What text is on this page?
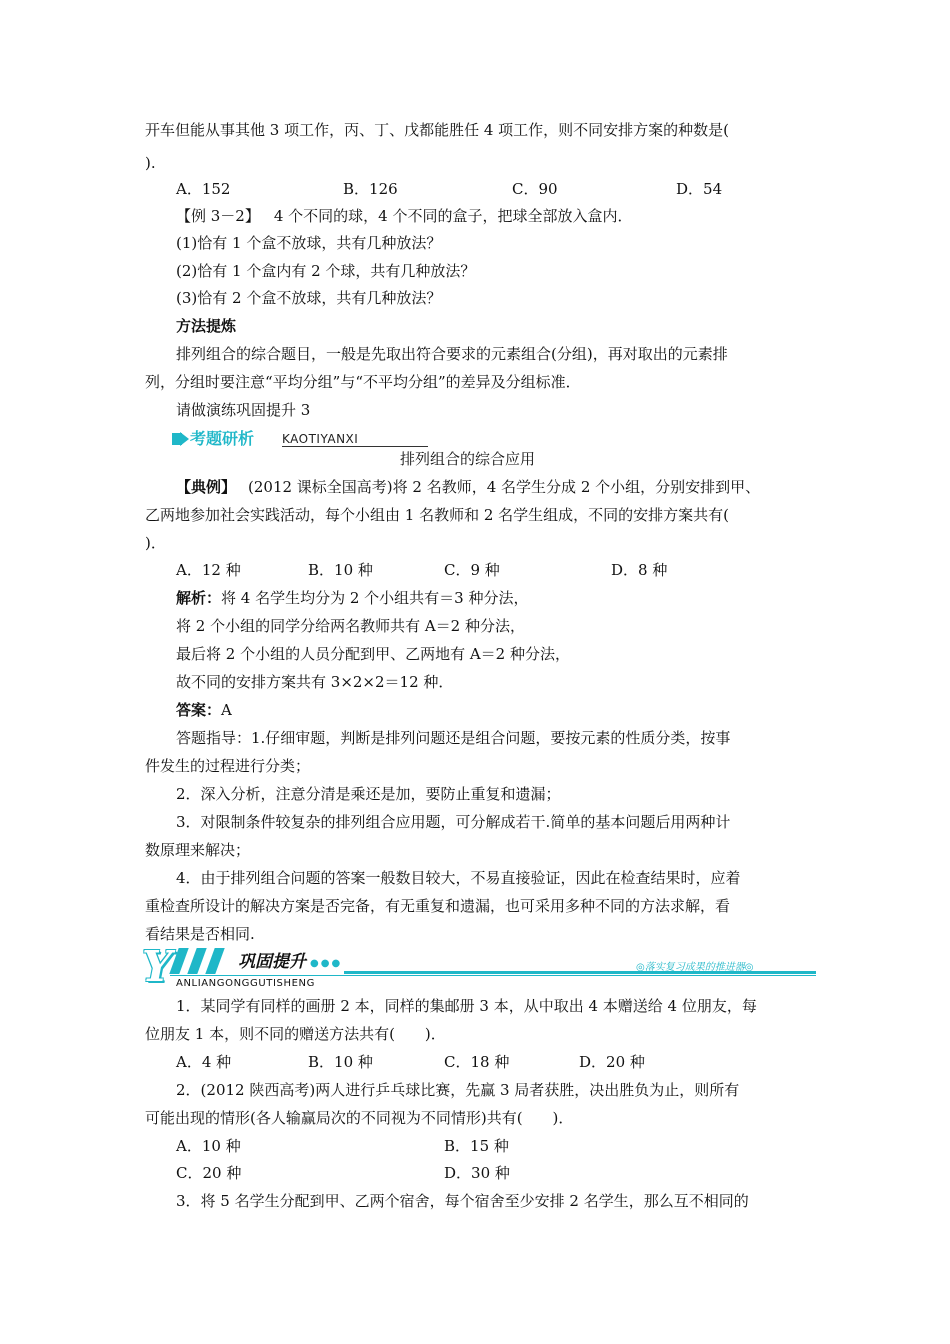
开车但能从事其他 3 项工作，丙、丁、戊都能胜任 4 项工作，则不同安排方案的种数是(
).
A．152	B．126	C．90	D．54
【例 3－2】 4 个不同的球，4 个不同的盒子，把球全部放入盒内．
(1)恰有 1 个盒不放球，共有几种放法？
(2)恰有 1 个盒内有 2 个球，共有几种放法？
(3)恰有 2 个盒不放球，共有几种放法？
方法提炼
排列组合的综合题目，一般是先取出符合要求的元素组合(分组)，再对取出的元素排
列，分组时要注意“平均分组”与“不平均分组”的差异及分组标准．
请做演练巩固提升 3
考题研析 KAOTIYANXI
排列组合的综合应用
【典例】 (2012 课标全国高考)将 2 名教师，4 名学生分成 2 个小组，分别安排到甲、
乙两地参加社会实践活动，每个小组由 1 名教师和 2 名学生组成，不同的安排方案共有(
)．
A．12 种	B．10 种	C．9 种	D．8 种
解析：将 4 名学生均分为 2 个小组共有＝3 种分法，
将 2 个小组的同学分给两名教师共有 A＝2 种分法，
最后将 2 个小组的人员分配到甲、乙两地有 A＝2 种分法，
故不同的安排方案共有 3×2×2＝12 种．
答案：A
答题指导：1.仔细审题，判断是排列问题还是组合问题，要按元素的性质分类，按事
件发生的过程进行分类；
2．深入分析，注意分清是乘还是加，要防止重复和遗漏；
3．对限制条件较复杂的排列组合应用题，可分解成若干.简单的基本问题后用两种计
数原理来解决；
4．由于排列组合问题的答案一般数目较大，不易直接验证，因此在检查结果时，应着
重检查所设计的解决方案是否完备，有无重复和遗漏，也可采用多种不同的方法求解，看
看结果是否相同.
Y	巩固提升 ●●●	◎落实复习成果的推进器◎
ANLIANGONGGUTISHENG
1．某同学有同样的画册 2 本，同样的集邮册 3 本，从中取出 4 本赠送给 4 位朋友，每
位朋友 1 本，则不同的赠送方法共有(　　)．
A．4 种	B．10 种	C．18 种	D．20 种
2．(2012 陕西高考)两人进行乒乓球比赛，先赢 3 局者获胜，决出胜负为止，则所有
可能出现的情形(各人输赢局次的不同视为不同情形)共有(　　)．
A．10 种	B．15 种
C．20 种	D．30 种
3．将 5 名学生分配到甲、乙两个宿舍，每个宿舍至少安排 2 名学生，那么互不相同的
